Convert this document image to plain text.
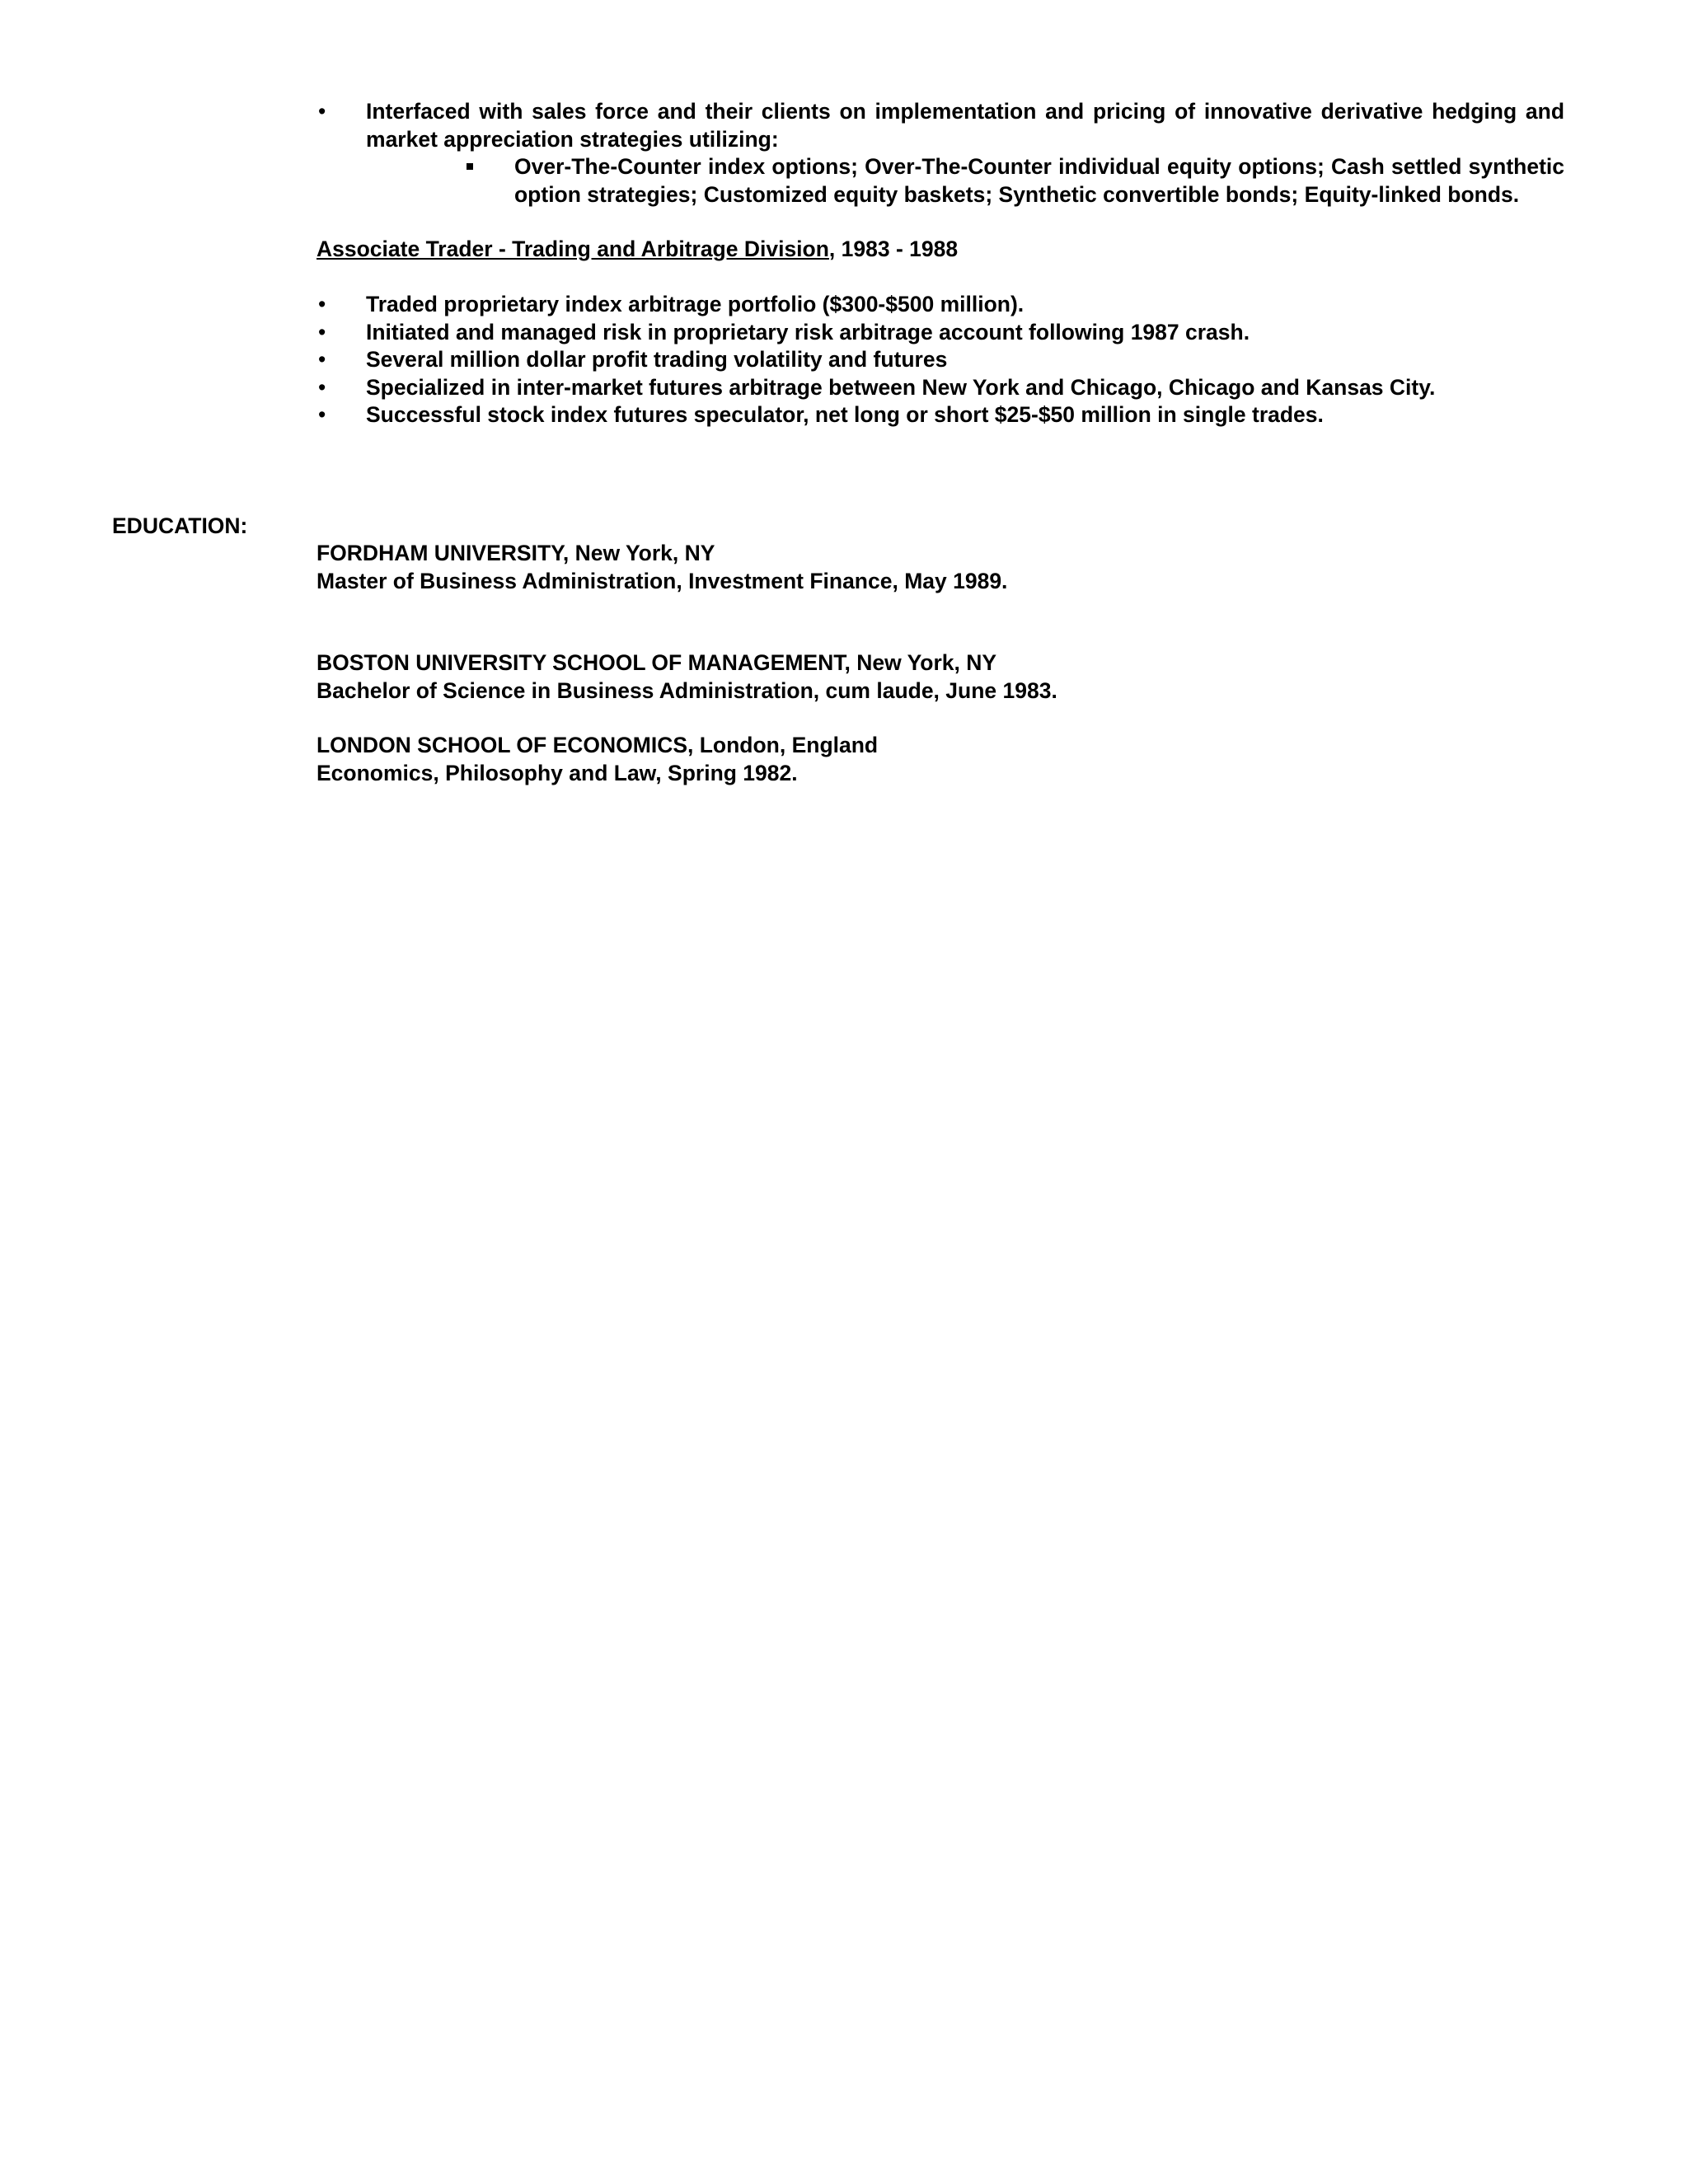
• Interfaced with sales force and their clients on implementation and pricing of innovative derivative hedging and market appreciation strategies utilizing:
Over-The-Counter index options; Over-The-Counter individual equity options; Cash settled synthetic option strategies; Customized equity baskets; Synthetic convertible bonds; Equity-linked bonds.
Associate Trader - Trading and Arbitrage Division, 1983 - 1988
• Traded proprietary index arbitrage portfolio ($300-$500 million).
• Initiated and managed risk in proprietary risk arbitrage account following 1987 crash.
• Several million dollar profit trading volatility and futures
• Specialized in inter-market futures arbitrage between New York and Chicago, Chicago and Kansas City.
• Successful stock index futures speculator, net long or short $25-$50 million in single trades.
EDUCATION:
FORDHAM UNIVERSITY, New York, NY
Master of Business Administration, Investment Finance, May 1989.
BOSTON UNIVERSITY SCHOOL OF MANAGEMENT, New York, NY
Bachelor of Science in Business Administration, cum laude, June 1983.
LONDON SCHOOL OF ECONOMICS, London, England
Economics, Philosophy and Law, Spring 1982.
